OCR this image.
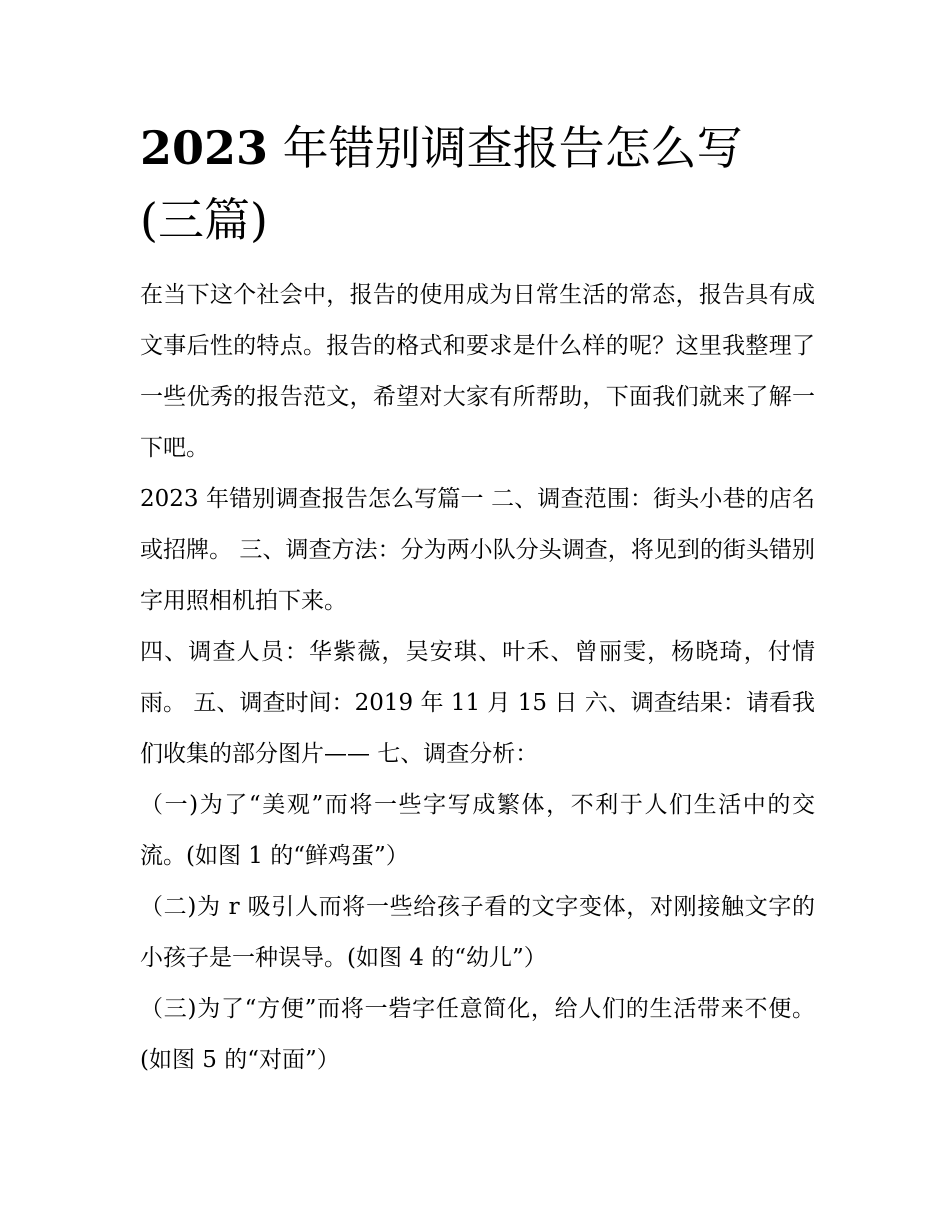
2023 年错别调查报告怎么写
(三篇)

在当下这个社会中，报告的使用成为日常生活的常态，报告具有成文事后性的特点。报告的格式和要求是什么样的呢？这里我整理了一些优秀的报告范文，希望对大家有所帮助，下面我们就来了解一下吧。

2023 年错别调查报告怎么写篇一 二、调查范围：街头小巷的店名或招牌。 三、调查方法：分为两小队分头调查，将见到的街头错别字用照相机拍下来。

四、调查人员：华紫薇，吴安琪、叶禾、曾丽雯，杨晓琦，付情雨。 五、调查时间：2019 年 11 月 15 日 六、调查结果：请看我们收集的部分图片—— 七、调查分析：

（一)为了“美观”而将一些字写成繁体，不利于人们生活中的交流。(如图 1 的“鲜鸡蛋”）

（二)为 r 吸引人而将一些给孩子看的文字变体，对刚接触文字的小孩子是一种误导。(如图 4 的“幼儿”）

（三)为了“方便”而将一砦字任意简化，给人们的生活带来不便。(如图 5 的“对面”）
